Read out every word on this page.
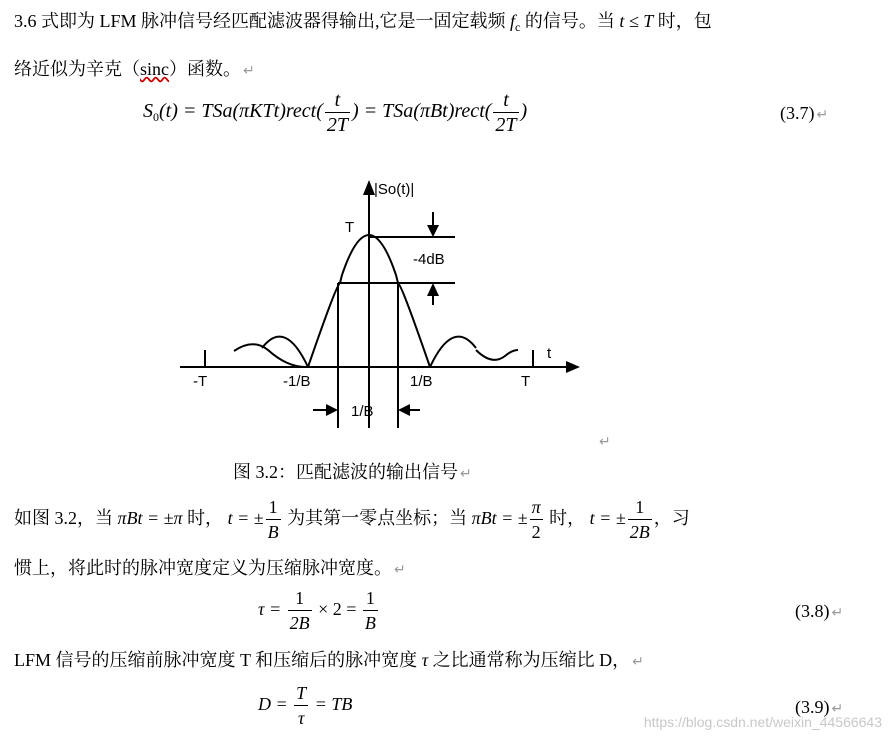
3.6 式即为 LFM 脉冲信号经匹配滤波器得输出,它是一固定载频 $f_c$ 的信号。当 t ≤ T 时，包
络近似为辛克（sinc）函数。 ↵
$S_0(t)$ = TSa(πKTt)rect( $\frac{t}{2T}$ ) = TSa(πBt)rect( $\frac{t}{2T}$ )	(3.7) ↵
|So(t)|
T
-4dB
t
-T	-1/B	1/B	T
1/B
↵
图 3.2：匹配滤波的输出信号 ↵
如图 3.2，当 πBt = ±π 时， t = ± $\frac{1}{B}$ 为其第一零点坐标；当 πBt = ± $\frac{\pi}{2}$ 时， t = ± $\frac{1}{2B}$ ，习
惯上，将此时的脉冲宽度定义为压缩脉冲宽度。 ↵
$\tau = \frac{1}{2B} \times 2 = \frac{1}{B}$	(3.8) ↵
LFM 信号的压缩前脉冲宽度 T 和压缩后的脉冲宽度 τ 之比通常称为压缩比 D， ↵
$D = \frac{T}{\tau}$ = TB	(3.9) ↵
https://blog.csdn.net/weixin_44566643
